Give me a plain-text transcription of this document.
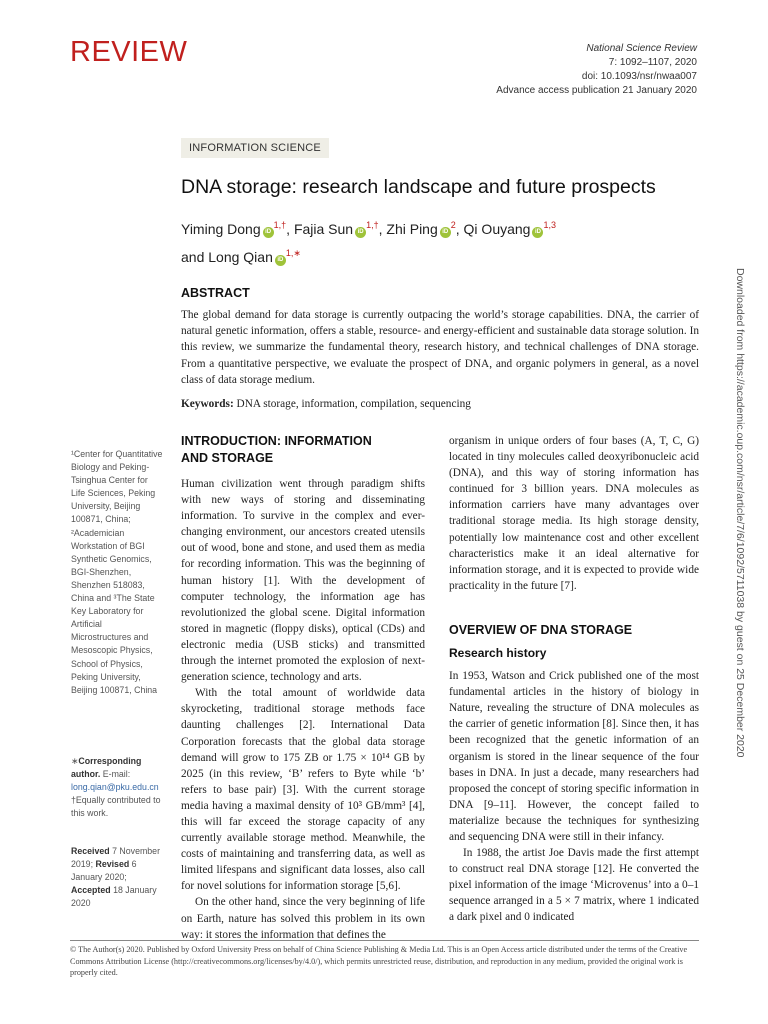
REVIEW	National Science Review
7: 1092–1107, 2020
doi: 10.1093/nsr/nwaa007
Advance access publication 21 January 2020
INFORMATION SCIENCE
DNA storage: research landscape and future prospects
Yiming Dong iD$^{1,\dagger}$, Fajia Sun iD$^{1,\dagger}$, Zhi Ping iD$^2$, Qi Ouyang iD$^{1,3}$
and Long Qian iD$^{1,∗}$
ABSTRACT
The global demand for data storage is currently outpacing the world’s storage capabilities. DNA, the carrier of natural genetic information, offers a stable, resource- and energy-efficient and sustainable data storage solution. In this review, we summarize the fundamental theory, research history, and technical challenges of DNA storage. From a quantitative perspective, we evaluate the prospect of DNA, and organic polymers in general, as a novel class of data storage medium.
Keywords: DNA storage, information, compilation, sequencing
¹Center for Quantitative Biology and Peking-Tsinghua Center for Life Sciences, Peking University, Beijing 100871, China; ²Academician Workstation of BGI Synthetic Genomics, BGI-Shenzhen, Shenzhen 518083, China and ³The State Key Laboratory for Artificial Microstructures and Mesoscopic Physics, School of Physics, Peking University, Beijing 100871, China
∗Corresponding author. E-mail:
long.qian@pku.edu.cn
†Equally contributed to this work.
Received 7 November 2019; Revised 6 January 2020; Accepted 18 January 2020
INTRODUCTION: INFORMATION
AND STORAGE

Human civilization went through paradigm shifts with new ways of storing and disseminating information. To survive in the complex and ever-changing environment, our ancestors created utensils out of wood, bone and stone, and used them as media for recording information. This was the beginning of human history [1]. With the development of computer technology, the information age has revolutionized the global scene. Digital information stored in magnetic (floppy disks), optical (CDs) and electronic media (USB sticks) and transmitted through the internet promoted the explosion of next-generation science, technology and arts.

With the total amount of worldwide data skyrocketing, traditional storage methods face daunting challenges [2]. International Data Corporation forecasts that the global data storage demand will grow to 175 ZB or 1.75 × 10¹⁴ GB by 2025 (in this review, ‘B’ refers to Byte while ‘b’ refers to base pair) [3]. With the current storage media having a maximal density of 10³ GB/mm³ [4], this will far exceed the storage capacity of any currently available storage method. Meanwhile, the costs of maintaining and transferring data, as well as limited lifespans and significant data losses, also call for novel solutions for information storage [5,6].

On the other hand, since the very beginning of life on Earth, nature has solved this problem in its own way: it stores the information that defines the

organism in unique orders of four bases (A, T, C, G) located in tiny molecules called deoxyribonucleic acid (DNA), and this way of storing information has continued for 3 billion years. DNA molecules as information carriers have many advantages over traditional storage media. Its high storage density, potentially low maintenance cost and other excellent characteristics make it an ideal alternative for information storage, and it is expected to provide wide practicality in the future [7].

OVERVIEW OF DNA STORAGE
Research history

In 1953, Watson and Crick published one of the most fundamental articles in the history of biology in Nature, revealing the structure of DNA molecules as the carrier of genetic information [8]. Since then, it has been recognized that the genetic information of an organism is stored in the linear sequence of the four bases in DNA. In just a decade, many researchers had proposed the concept of storing specific information in DNA [9–11]. However, the concept failed to materialize because the techniques for synthesizing and sequencing DNA were still in their infancy.

In 1988, the artist Joe Davis made the first attempt to construct real DNA storage [12]. He converted the pixel information of the image ‘Microvenus’ into a 0–1 sequence arranged in a 5 × 7 matrix, where 1 indicated a dark pixel and 0 indicated

© The Author(s) 2020. Published by Oxford University Press on behalf of China Science Publishing & Media Ltd. This is an Open Access article distributed under the terms of the Creative Commons Attribution License (http://creativecommons.org/licenses/by/4.0/), which permits unrestricted reuse, distribution, and reproduction in any medium, provided the original work is properly cited.
Downloaded from https://academic.oup.com/nsr/article/7/6/1092/5711038 by guest on 25 December 2020
